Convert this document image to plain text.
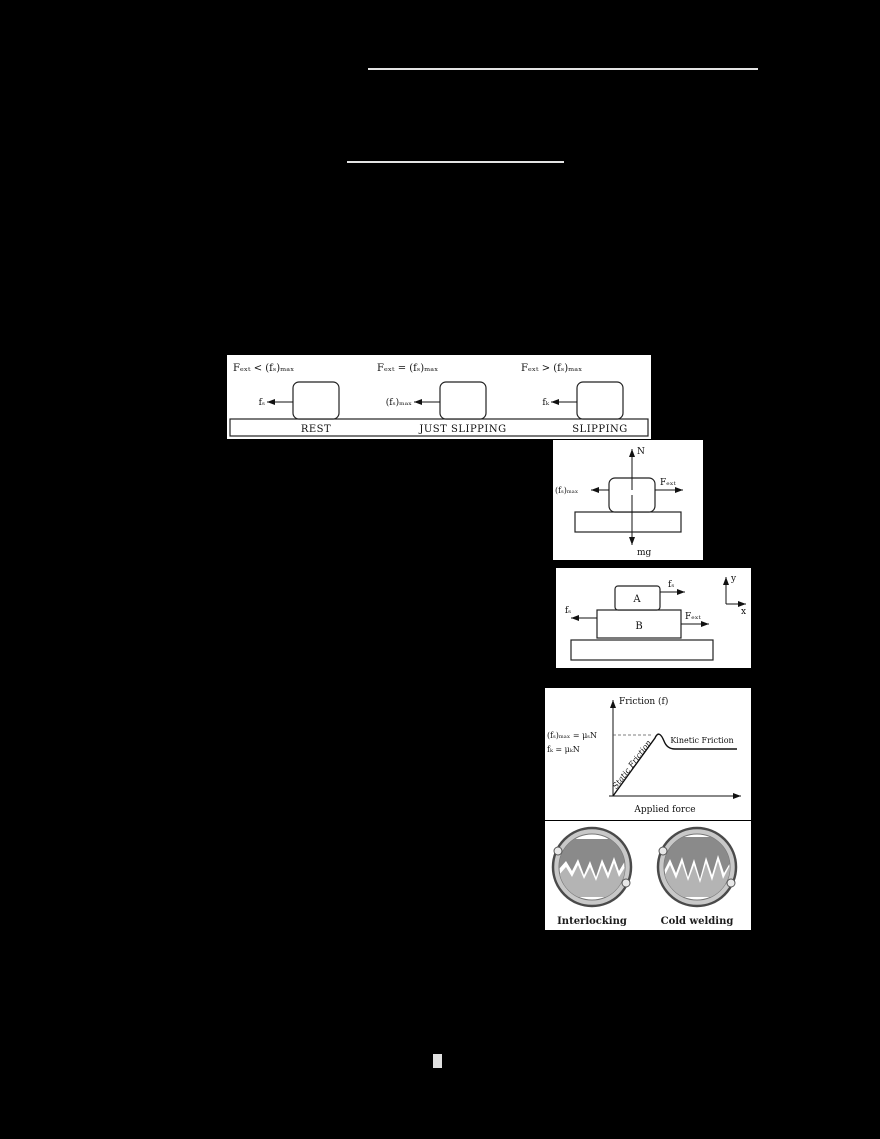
Fₑₓₜ < (fₛ)ₘₐₓ
fₛ
REST
Fₑₓₜ = (fₛ)ₘₐₓ
(fₛ)ₘₐₓ
JUST SLIPPING
Fₑₓₜ > (fₛ)ₘₐₓ
fₖ
SLIPPING
N
Fₑₓₜ
(fₛ)ₘₐₓ
mg
y
x
A
B
fₛ
fₛ
Fₑₓₜ
Friction (f)
Applied force
Static Friction Kinetic Friction
(fₛ)ₘₐₓ = μₛN
fₖ = μₖN
Interlocking	Cold welding
